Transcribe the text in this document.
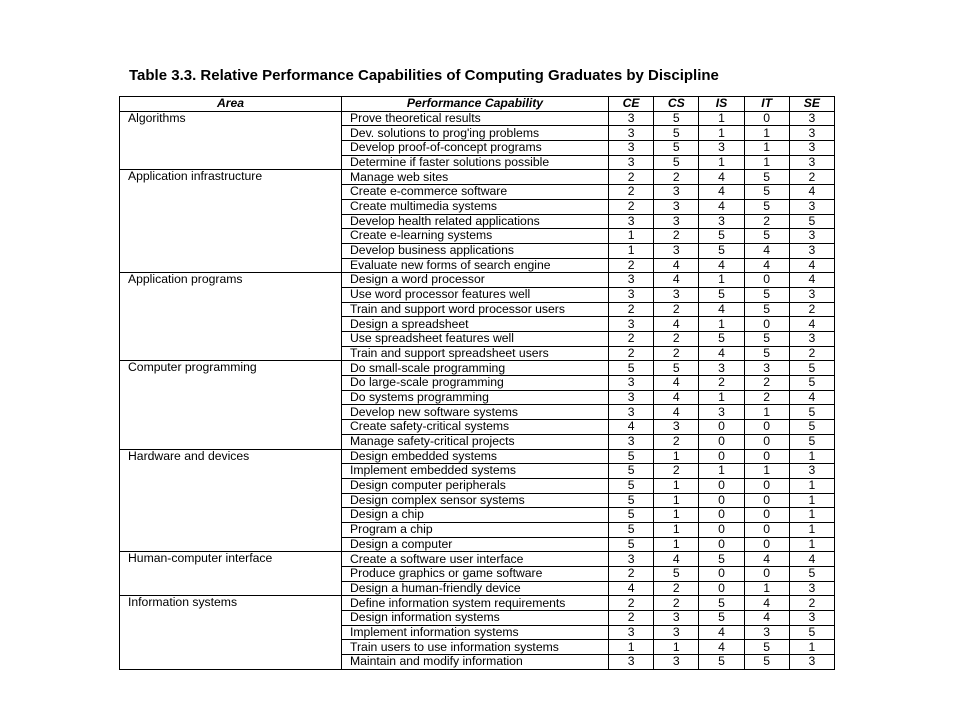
Table 3.3. Relative Performance Capabilities of Computing Graduates by Discipline
Area	Performance Capability	CE	CS	IS	IT	SE
Algorithms	Prove theoretical results	3	5	1	0	3
	Dev. solutions to prog'ing problems	3	5	1	1	3
	Develop proof-of-concept programs	3	5	3	1	3
	Determine if faster solutions possible	3	5	1	1	3
Application infrastructure	Manage web sites	2	2	4	5	2
	Create e-commerce software	2	3	4	5	4
	Create multimedia systems	2	3	4	5	3
	Develop health related applications	3	3	3	2	5
	Create e-learning systems	1	2	5	5	3
	Develop business applications	1	3	5	4	3
	Evaluate new forms of search engine	2	4	4	4	4
Application programs	Design a word processor	3	4	1	0	4
	Use word processor features well	3	3	5	5	3
	Train and support word processor users	2	2	4	5	2
	Design a spreadsheet	3	4	1	0	4
	Use spreadsheet features well	2	2	5	5	3
	Train and support spreadsheet users	2	2	4	5	2
Computer programming	Do small-scale programming	5	5	3	3	5
	Do large-scale programming	3	4	2	2	5
	Do systems programming	3	4	1	2	4
	Develop new software systems	3	4	3	1	5
	Create safety-critical systems	4	3	0	0	5
	Manage safety-critical projects	3	2	0	0	5
Hardware and devices	Design embedded systems	5	1	0	0	1
	Implement embedded systems	5	2	1	1	3
	Design computer peripherals	5	1	0	0	1
	Design complex sensor systems	5	1	0	0	1
	Design a chip	5	1	0	0	1
	Program a chip	5	1	0	0	1
	Design a computer	5	1	0	0	1
Human-computer interface	Create a software user interface	3	4	5	4	4
	Produce graphics or game software	2	5	0	0	5
	Design a human-friendly device	4	2	0	1	3
Information systems	Define information system requirements	2	2	5	4	2
	Design information systems	2	3	5	4	3
	Implement information systems	3	3	4	3	5
	Train users to use information systems	1	1	4	5	1
	Maintain and modify information	3	3	5	5	3
